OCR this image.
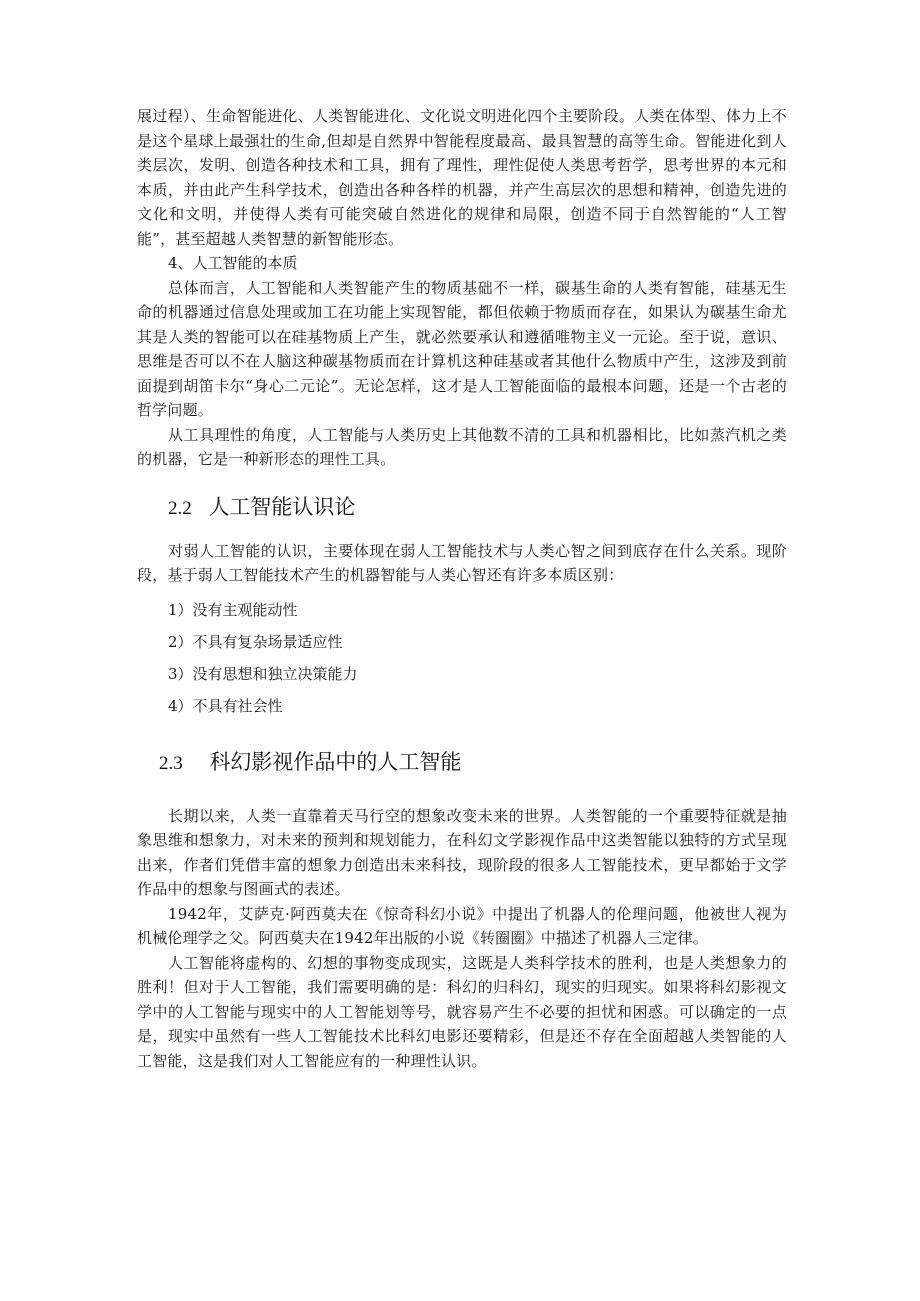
展过程）、生命智能进化、人类智能进化、文化说文明进化四个主要阶段。人类在体型、体力上不是这个星球上最强壮的生命,但却是自然界中智能程度最高、最具智慧的高等生命。智能进化到人类层次，发明、创造各种技术和工具，拥有了理性，理性促使人类思考哲学，思考世界的本元和本质，并由此产生科学技术，创造出各种各样的机器，并产生高层次的思想和精神，创造先进的文化和文明，并使得人类有可能突破自然进化的规律和局限，创造不同于自然智能的“人工智能”，甚至超越人类智慧的新智能形态。

4、人工智能的本质

总体而言，人工智能和人类智能产生的物质基础不一样，碳基生命的人类有智能，硅基无生命的机器通过信息处理或加工在功能上实现智能，都但依赖于物质而存在，如果认为碳基生命尤其是人类的智能可以在硅基物质上产生，就必然要承认和遵循唯物主义一元论。至于说，意识、思维是否可以不在人脑这种碳基物质而在计算机这种硅基或者其他什么物质中产生，这涉及到前面提到胡笛卡尔“身心二元论”。无论怎样，这才是人工智能面临的最根本问题，还是一个古老的哲学问题。

从工具理性的角度，人工智能与人类历史上其他数不清的工具和机器相比，比如蒸汽机之类的机器，它是一种新形态的理性工具。

2.2 人工智能认识论

对弱人工智能的认识，主要体现在弱人工智能技术与人类心智之间到底存在什么关系。现阶段，基于弱人工智能技术产生的机器智能与人类心智还有许多本质区别：

1）没有主观能动性

2）不具有复杂场景适应性

3）没有思想和独立决策能力

4）不具有社会性

2.3 科幻影视作品中的人工智能

长期以来，人类一直靠着天马行空的想象改变未来的世界。人类智能的一个重要特征就是抽象思维和想象力，对未来的预判和规划能力，在科幻文学影视作品中这类智能以独特的方式呈现出来，作者们凭借丰富的想象力创造出未来科技，现阶段的很多人工智能技术，更早都始于文学作品中的想象与图画式的表述。

1942年，艾萨克·阿西莫夫在《惊奇科幻小说》中提出了机器人的伦理问题，他被世人视为机械伦理学之父。阿西莫夫在1942年出版的小说《转圈圈》中描述了机器人三定律。

人工智能将虚构的、幻想的事物变成现实，这既是人类科学技术的胜利，也是人类想象力的胜利！但对于人工智能，我们需要明确的是：科幻的归科幻，现实的归现实。如果将科幻影视文学中的人工智能与现实中的人工智能划等号，就容易产生不必要的担忧和困惑。可以确定的一点是，现实中虽然有一些人工智能技术比科幻电影还要精彩，但是还不存在全面超越人类智能的人工智能，这是我们对人工智能应有的一种理性认识。
